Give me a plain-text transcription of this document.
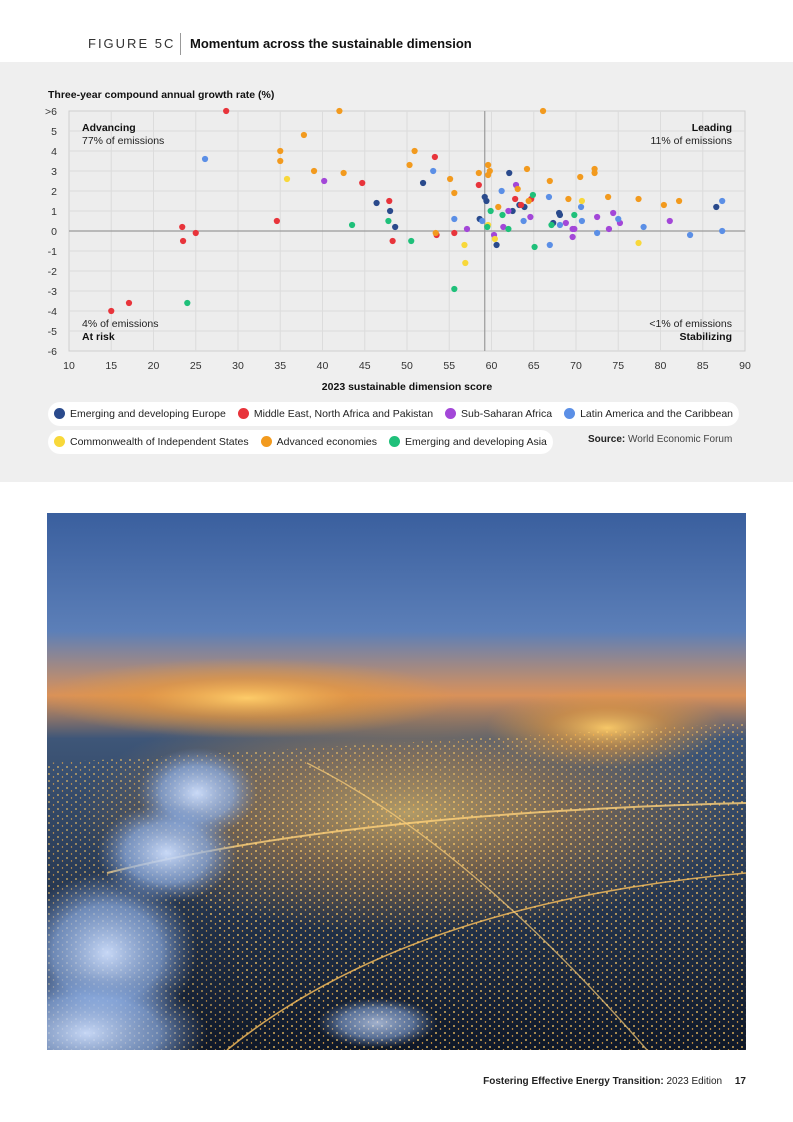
FIGURE 5C Momentum across the sustainable dimension
Three-year compound annual growth rate (%)
>6
5
4
3
2
1
0
-1
-2
-3
-4
-5
-6
10	15	20	25	30	35	40	45	50	55	60	65	70	75	80	85	90
Advancing
77% of emissions
Leading
11% of emissions
4% of emissions
At risk
<1% of emissions
Stabilizing
2023 sustainable dimension score
Emerging and developing Europe	Middle East, North Africa and Pakistan	Sub-Saharan Africa	Latin America and the Caribbean
Commonwealth of Independent States	Advanced economies	Emerging and developing Asia	Source: World Economic Forum
Fostering Effective Energy Transition: 2023 Edition 17
